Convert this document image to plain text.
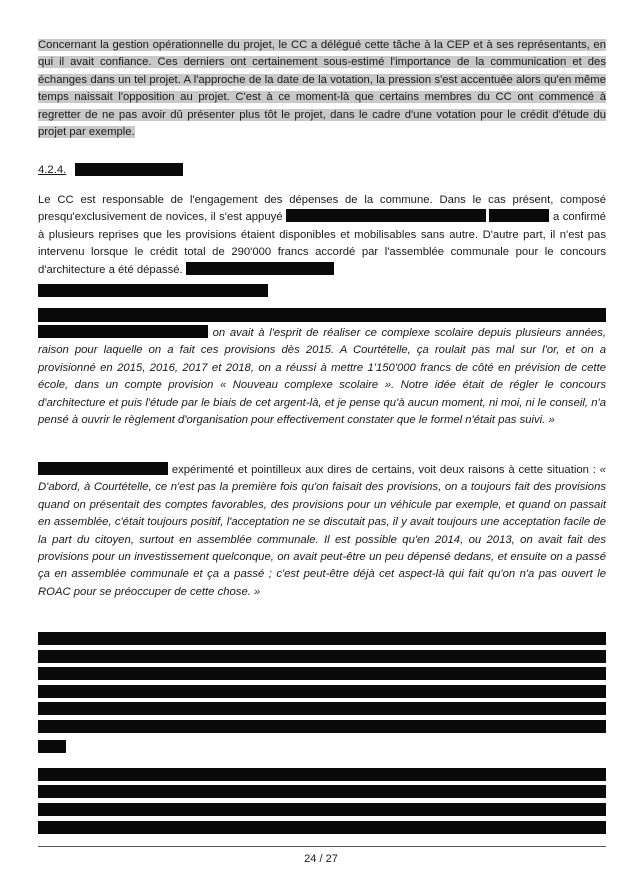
Concernant la gestion opérationnelle du projet, le CC a délégué cette tâche à la CEP et à ses représentants, en qui il avait confiance. Ces derniers ont certainement sous-estimé l'importance de la communication et des échanges dans un tel projet. A l'approche de la date de la votation, la pression s'est accentuée alors qu'en même temps naissait l'opposition au projet. C'est à ce moment-là que certains membres du CC ont commencé à regretter de ne pas avoir dû présenter plus tôt le projet, dans le cadre d'une votation pour le crédit d'étude du projet par exemple.

4.2.4.

Le CC est responsable de l'engagement des dépenses de la commune. Dans le cas présent, composé presqu'exclusivement de novices, il s'est appuyé	a confirmé à plusieurs reprises que les provisions étaient disponibles et mobilisables sans autre. D'autre part, il n'est pas intervenu lorsque le crédit total de 290'000 francs accordé par l'assemblée communale pour le concours d'architecture a été dépassé.

on avait à l'esprit de réaliser ce complexe scolaire depuis plusieurs années, raison pour laquelle on a fait ces provisions dès 2015. A Courtételle, ça roulait pas mal sur l'or, et on a provisionné en 2015, 2016, 2017 et 2018, on a réussi à mettre 1'150'000 francs de côté en prévision de cette école, dans un compte provision « Nouveau complexe scolaire ». Notre idée était de régler le concours d'architecture et puis l'étude par le biais de cet argent-là, et je pense qu'à aucun moment, ni moi, ni le conseil, n'a pensé à ouvrir le règlement d'organisation pour effectivement constater que le formel n'était pas suivi. »

expérimenté et pointilleux aux dires de certains, voit deux raisons à cette situation : « D'abord, à Courtételle, ce n'est pas la première fois qu'on faisait des provisions, on a toujours fait des provisions quand on présentait des comptes favorables, des provisions pour un véhicule par exemple, et quand on passait en assemblée, c'était toujours positif, l'acceptation ne se discutait pas, il y avait toujours une acceptation facile de la part du citoyen, surtout en assemblée communale. Il est possible qu'en 2014, ou 2013, on avait fait des provisions pour un investissement quelconque, on avait peut-être un peu dépensé dedans, et ensuite on a passé ça en assemblée communale et ça a passé ; c'est peut-être déjà cet aspect-là qui fait qu'on n'a pas ouvert le ROAC pour se préoccuper de cette chose. »

24 / 27
